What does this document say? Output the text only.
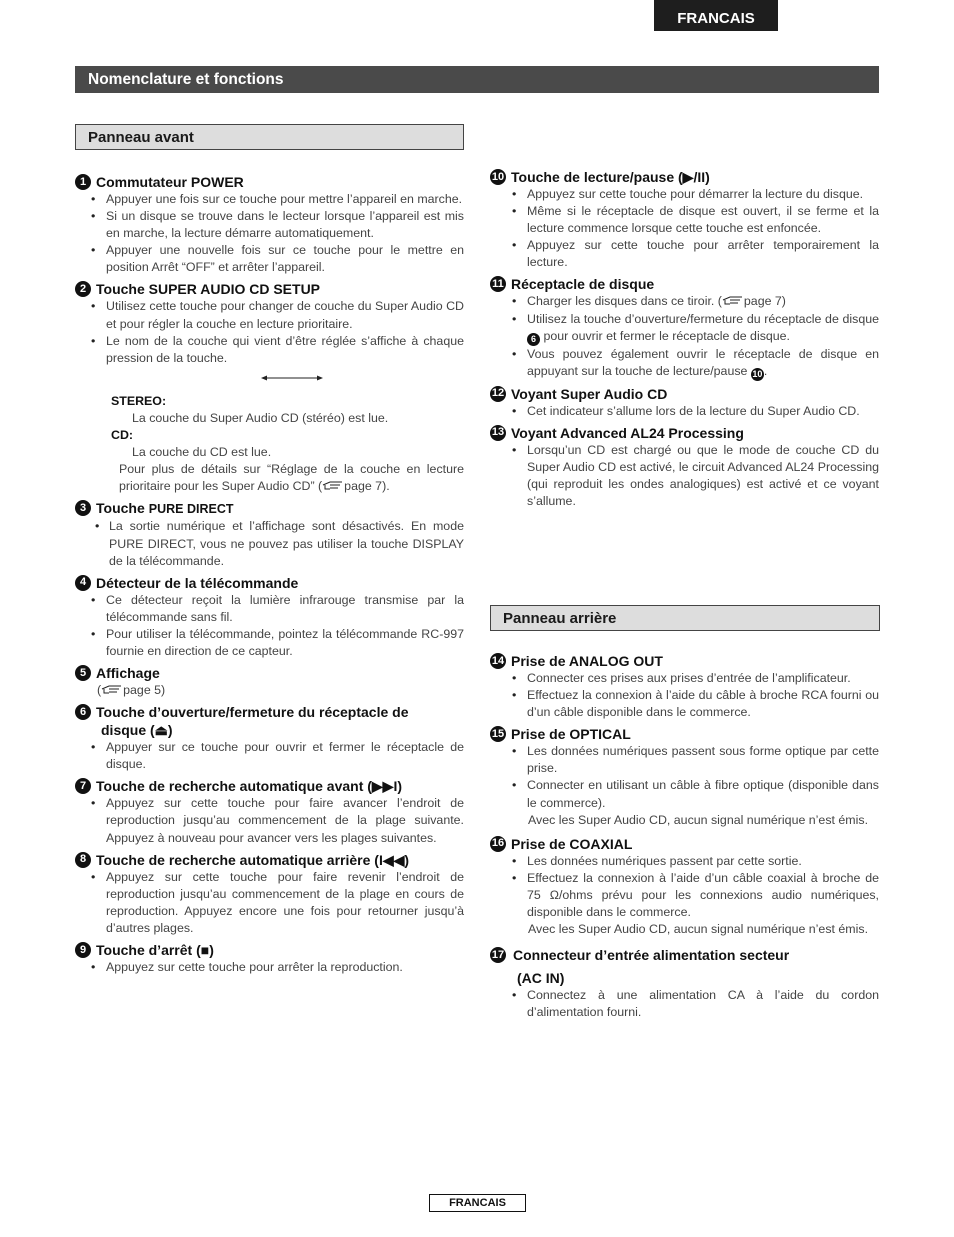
FRANCAIS
Nomenclature et fonctions
Panneau avant
1 Commutateur POWER
• Appuyer une fois sur ce touche pour mettre l’appareil en marche.
• Si un disque se trouve dans le lecteur lorsque l’appareil est mis en marche, la lecture démarre automatiquement.
• Appuyer une nouvelle fois sur ce touche pour le mettre en position Arrêt “OFF” et arrêter l’appareil.
2 Touche SUPER AUDIO CD SETUP
• Utilisez cette touche pour changer de couche du Super Audio CD et pour régler la couche en lecture prioritaire.
• Le nom de la couche qui vient d’être réglée s’affiche à chaque pression de la touche.
STEREO:
La couche du Super Audio CD (stéréo) est lue.
CD:
La couche du CD est lue.
Pour plus de détails sur “Réglage de la couche en lecture prioritaire pour les Super Audio CD” ( page 7).
3 Touche PURE DIRECT
• La sortie numérique et l’affichage sont désactivés. En mode PURE DIRECT, vous ne pouvez pas utiliser la touche DISPLAY de la télécommande.
4 Détecteur de la télécommande
• Ce détecteur reçoit la lumière infrarouge transmise par la télécommande sans fil.
• Pour utiliser la télécommande, pointez la télécommande RC-997 fournie en direction de ce capteur.
5 Affichage
( page 5)
6 Touche d’ouverture/fermeture du réceptacle de
disque (⏏)
• Appuyer sur ce touche pour ouvrir et fermer le réceptacle de disque.
7 Touche de recherche automatique avant (▶▶I)
• Appuyez sur cette touche pour faire avancer l’endroit de reproduction jusqu’au commencement de la plage suivante. Appuyez à nouveau pour avancer vers les plages suivantes.
8 Touche de recherche automatique arrière (I◀◀)
• Appuyez sur cette touche pour faire revenir l’endroit de reproduction jusqu’au commencement de la plage en cours de reproduction. Appuyez encore une fois pour retourner jusqu’à d’autres plages.
9 Touche d’arrêt (■)
• Appuyez sur cette touche pour arrêter la reproduction.
10 Touche de lecture/pause (▶/II)
• Appuyez sur cette touche pour démarrer la lecture du disque.
• Même si le réceptacle de disque est ouvert, il se ferme et la lecture commence lorsque cette touche est enfoncée.
• Appuyez sur cette touche pour arrêter temporairement la lecture.
11 Réceptacle de disque
• Charger les disques dans ce tiroir. ( page 7)
• Utilisez la touche d’ouverture/fermeture du réceptacle de disque 6 pour ouvrir et fermer le réceptacle de disque.
• Vous pouvez également ouvrir le réceptacle de disque en appuyant sur la touche de lecture/pause 10 .
12 Voyant Super Audio CD
• Cet indicateur s’allume lors de la lecture du Super Audio CD.
13 Voyant Advanced AL24 Processing
• Lorsqu’un CD est chargé ou que le mode de couche CD du Super Audio CD est activé, le circuit Advanced AL24 Processing (qui reproduit les ondes analogiques) est activé et ce voyant s’allume.
Panneau arrière
14 Prise de ANALOG OUT
• Connecter ces prises aux prises d’entrée de l’amplificateur.
• Effectuez la connexion à l’aide du câble à broche RCA fourni ou d’un câble disponible dans le commerce.
15 Prise de OPTICAL
• Les données numériques passent sous forme optique par cette prise.
• Connecter en utilisant un câble à fibre optique (disponible dans le commerce).
Avec les Super Audio CD, aucun signal numérique n’est émis.
16 Prise de COAXIAL
• Les données numériques passent par cette sortie.
• Effectuez la connexion à l’aide d’un câble coaxial à broche de 75 Ω/ohms prévu pour les connexions audio numériques, disponible dans le commerce.
Avec les Super Audio CD, aucun signal numérique n’est émis.
17 Connecteur d’entrée alimentation secteur
(AC IN)
• Connectez à une alimentation CA à l’aide du cordon d’alimentation fourni.
FRANCAIS
